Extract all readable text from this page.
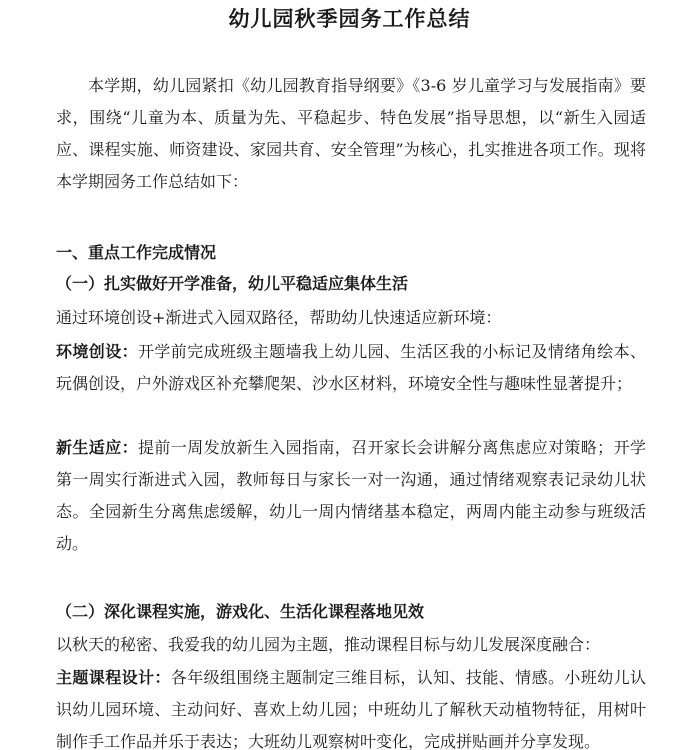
幼儿园秋季园务工作总结

本学期，幼儿园紧扣《幼儿园教育指导纲要》《3-6 岁儿童学习与发展指南》要求，围绕“儿童为本、质量为先、平稳起步、特色发展”指导思想，以“新生入园适应、课程实施、师资建设、家园共育、安全管理”为核心，扎实推进各项工作。现将本学期园务工作总结如下：

一、重点工作完成情况

（一）扎实做好开学准备，幼儿平稳适应集体生活

通过环境创设+渐进式入园双路径，帮助幼儿快速适应新环境：

环境创设：开学前完成班级主题墙我上幼儿园、生活区我的小标记及情绪角绘本、玩偶创设，户外游戏区补充攀爬架、沙水区材料，环境安全性与趣味性显著提升；

新生适应：提前一周发放新生入园指南，召开家长会讲解分离焦虑应对策略；开学第一周实行渐进式入园，教师每日与家长一对一沟通，通过情绪观察表记录幼儿状态。全园新生分离焦虑缓解，幼儿一周内情绪基本稳定，两周内能主动参与班级活动。

（二）深化课程实施，游戏化、生活化课程落地见效

以秋天的秘密、我爱我的幼儿园为主题，推动课程目标与幼儿发展深度融合：

主题课程设计：各年级组围绕主题制定三维目标，认知、技能、情感。小班幼儿认识幼儿园环境、主动问好、喜欢上幼儿园；中班幼儿了解秋天动植物特征，用树叶制作手工作品并乐于表达；大班幼儿观察树叶变化，完成拼贴画并分享发现。
